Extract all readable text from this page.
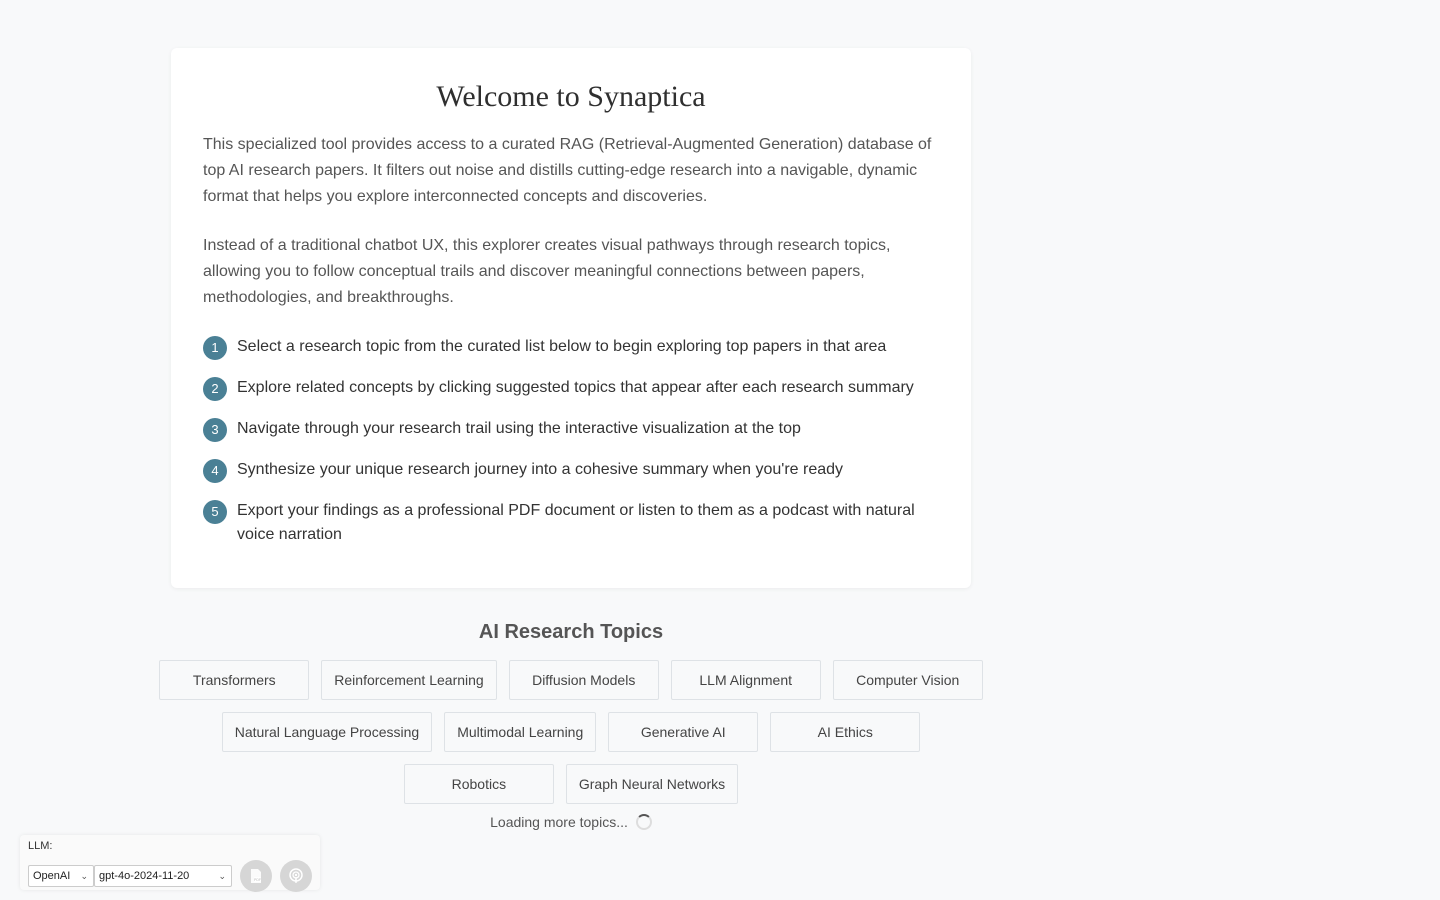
Welcome to Synaptica

This specialized tool provides access to a curated RAG (Retrieval-Augmented Generation) database of top AI research papers. It filters out noise and distills cutting-edge research into a navigable, dynamic format that helps you explore interconnected concepts and discoveries.

Instead of a traditional chatbot UX, this explorer creates visual pathways through research topics, allowing you to follow conceptual trails and discover meaningful connections between papers, methodologies, and breakthroughs.

1	Select a research topic from the curated list below to begin exploring top papers in that area
2	Explore related concepts by clicking suggested topics that appear after each research summary
3	Navigate through your research trail using the interactive visualization at the top
4	Synthesize your unique research journey into a cohesive summary when you're ready
5	Export your findings as a professional PDF document or listen to them as a podcast with natural voice narration
AI Research Topics
Transformers	Reinforcement Learning	Diffusion Models	LLM Alignment	Computer Vision
Natural Language Processing	Multimodal Learning	Generative AI	AI Ethics
Robotics	Graph Neural Networks
Loading more topics...
LLM:
OpenAI ⌄	gpt-4o-2024-11-20	⌄	PDF
